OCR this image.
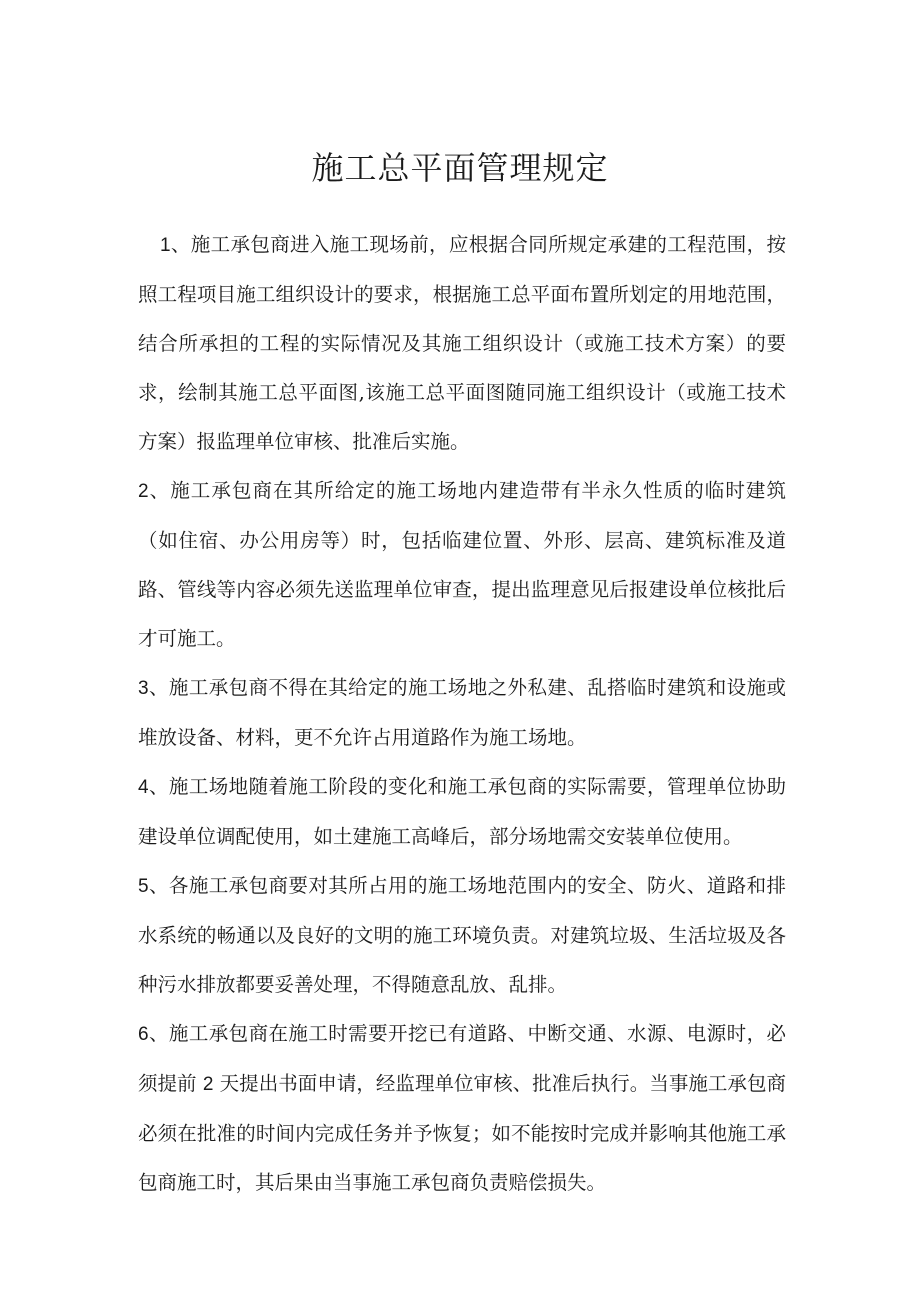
施工总平面管理规定

1、施工承包商进入施工现场前，应根据合同所规定承建的工程范围，按照工程项目施工组织设计的要求，根据施工总平面布置所划定的用地范围，结合所承担的工程的实际情况及其施工组织设计（或施工技术方案）的要求，绘制其施工总平面图,该施工总平面图随同施工组织设计（或施工技术方案）报监理单位审核、批准后实施。

2、施工承包商在其所给定的施工场地内建造带有半永久性质的临时建筑（如住宿、办公用房等）时，包括临建位置、外形、层高、建筑标准及道路、管线等内容必须先送监理单位审查，提出监理意见后报建设单位核批后才可施工。

3、施工承包商不得在其给定的施工场地之外私建、乱搭临时建筑和设施或堆放设备、材料，更不允许占用道路作为施工场地。

4、施工场地随着施工阶段的变化和施工承包商的实际需要，管理单位协助建设单位调配使用，如土建施工高峰后，部分场地需交安装单位使用。

5、各施工承包商要对其所占用的施工场地范围内的安全、防火、道路和排水系统的畅通以及良好的文明的施工环境负责。对建筑垃圾、生活垃圾及各种污水排放都要妥善处理，不得随意乱放、乱排。

6、施工承包商在施工时需要开挖已有道路、中断交通、水源、电源时，必须提前 2 天提出书面申请，经监理单位审核、批准后执行。当事施工承包商必须在批准的时间内完成任务并予恢复；如不能按时完成并影响其他施工承包商施工时，其后果由当事施工承包商负责赔偿损失。
